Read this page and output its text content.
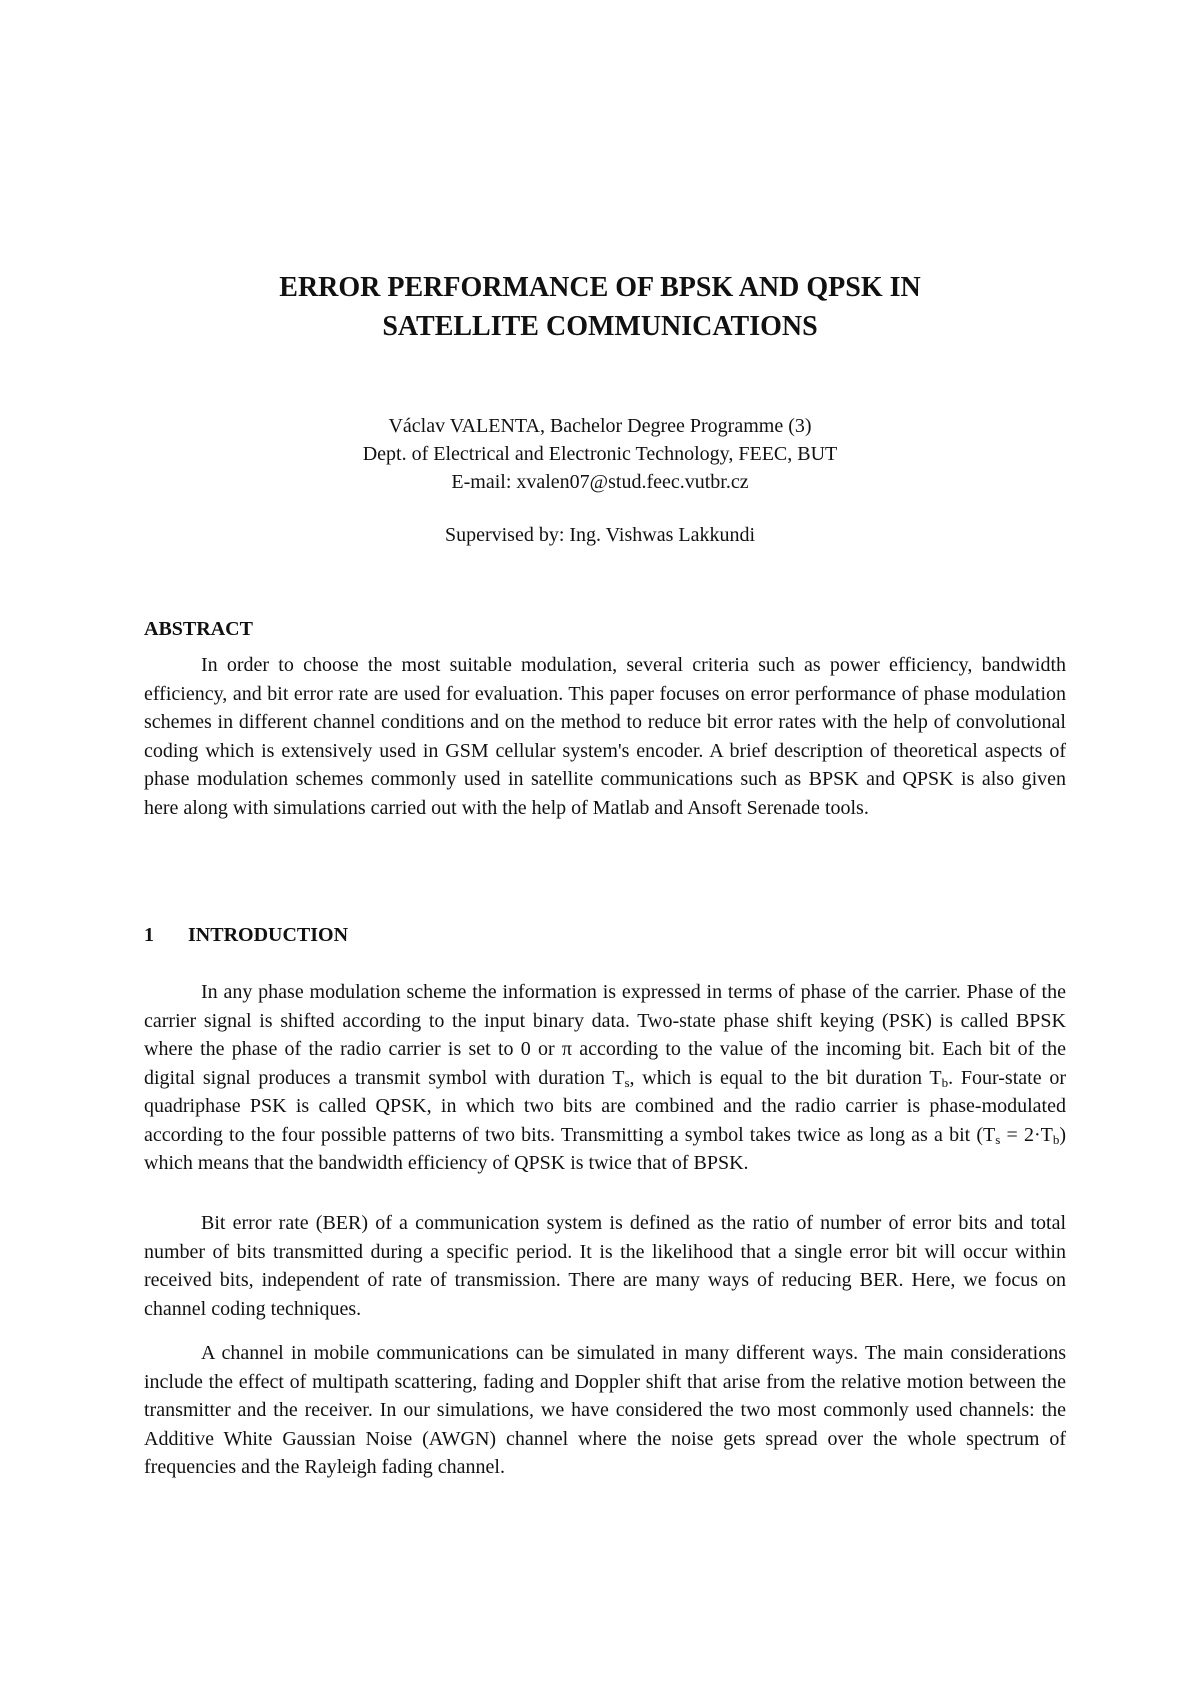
ERROR PERFORMANCE OF BPSK AND QPSK IN
SATELLITE COMMUNICATIONS
Václav VALENTA, Bachelor Degree Programme (3)
Dept. of Electrical and Electronic Technology, FEEC, BUT
E-mail: xvalen07@stud.feec.vutbr.cz
Supervised by: Ing. Vishwas Lakkundi
ABSTRACT

In order to choose the most suitable modulation, several criteria such as power efficiency, bandwidth efficiency, and bit error rate are used for evaluation. This paper focuses on error performance of phase modulation schemes in different channel conditions and on the method to reduce bit error rates with the help of convolutional coding which is extensively used in GSM cellular system's encoder. A brief description of theoretical aspects of phase modulation schemes commonly used in satellite communications such as BPSK and QPSK is also given here along with simulations carried out with the help of Matlab and Ansoft Serenade tools.

1 INTRODUCTION

In any phase modulation scheme the information is expressed in terms of phase of the carrier. Phase of the carrier signal is shifted according to the input binary data. Two-state phase shift keying (PSK) is called BPSK where the phase of the radio carrier is set to 0 or π according to the value of the incoming bit. Each bit of the digital signal produces a transmit symbol with duration $T_s$, which is equal to the bit duration $T_b$. Four-state or quadriphase PSK is called QPSK, in which two bits are combined and the radio carrier is phase-modulated according to the four possible patterns of two bits. Transmitting a symbol takes twice as long as a bit $(T_s = 2\cdot T_b)$ which means that the bandwidth efficiency of QPSK is twice that of BPSK.

Bit error rate (BER) of a communication system is defined as the ratio of number of error bits and total number of bits transmitted during a specific period. It is the likelihood that a single error bit will occur within received bits, independent of rate of transmission. There are many ways of reducing BER. Here, we focus on channel coding techniques.

A channel in mobile communications can be simulated in many different ways. The main considerations include the effect of multipath scattering, fading and Doppler shift that arise from the relative motion between the transmitter and the receiver. In our simulations, we have considered the two most commonly used channels: the Additive White Gaussian Noise (AWGN) channel where the noise gets spread over the whole spectrum of frequencies and the Rayleigh fading channel.
